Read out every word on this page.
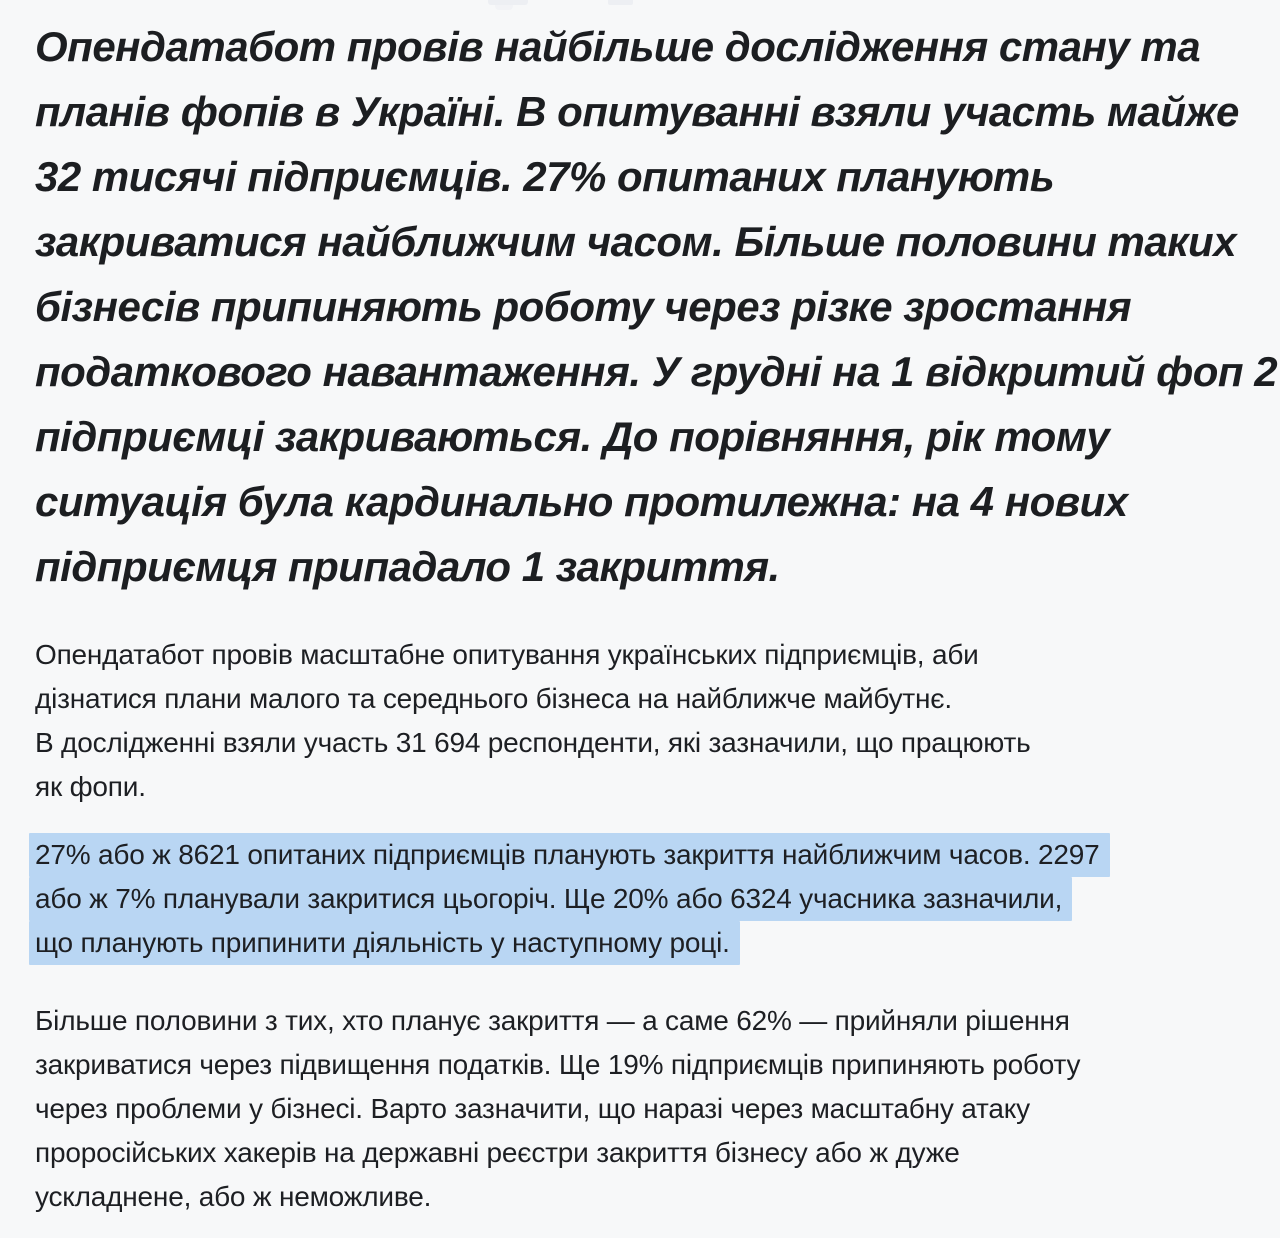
Опендатабот провів найбільше дослідження стану та
планів фопів в Україні. В опитуванні взяли участь майже
32 тисячі підприємців. 27% опитаних планують
закриватися найближчим часом. Більше половини таких
бізнесів припиняють роботу через різке зростання
податкового навантаження. У грудні на 1 відкритий фоп 2
підприємці закриваються. До порівняння, рік тому
ситуація була кардинально протилежна: на 4 нових
підприємця припадало 1 закриття.
Опендатабот провів масштабне опитування українських підприємців, аби
дізнатися плани малого та середнього бізнеса на найближче майбутнє.
В дослідженні взяли участь 31 694 респонденти, які зазначили, що працюють
як фопи.
27% або ж 8621 опитаних підприємців планують закриття найближчим часов. 2297
або ж 7% планували закритися цьогоріч. Ще 20% або 6324 учасника зазначили,
що планують припинити діяльність у наступному році.
Більше половини з тих, хто планує закриття — а саме 62% — прийняли рішення
закриватися через підвищення податків. Ще 19% підприємців припиняють роботу
через проблеми у бізнесі. Варто зазначити, що наразі через масштабну атаку
проросійських хакерів на державні реєстри закриття бізнесу або ж дуже
ускладнене, або ж неможливе.
